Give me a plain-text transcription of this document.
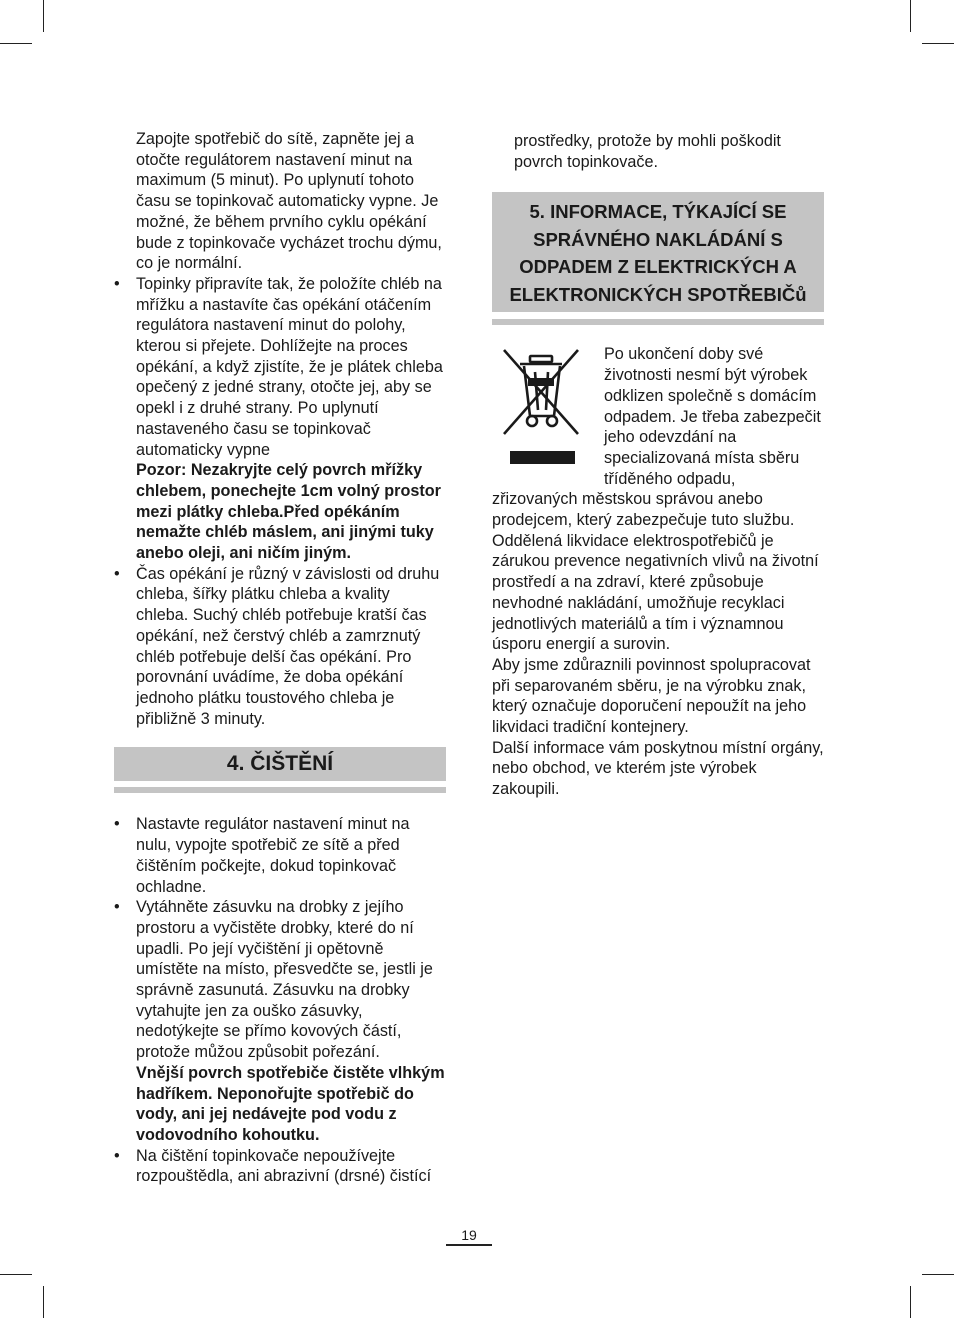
Zapojte spotřebič do sítě, zapněte jej a otočte regulátorem nastavení minut na maximum (5 minut). Po uplynutí tohoto času se topinkovač automaticky vypne. Je možné, že během prvního cyklu opékání bude z topinkovače vycházet trochu dýmu, co je normální.

• Topinky připravíte tak, že položíte chléb na mřížku a nastavíte čas opékání otáčením regulátora nastavení minut do polohy, kterou si přejete. Dohlížejte na proces opékání, a když zjistíte, že je plátek chleba opečený z jedné strany, otočte jej, aby se opekl i z druhé strany. Po uplynutí nastaveného času se topinkovač automaticky vypne
Pozor: Nezakryjte celý povrch mřížky chlebem, ponechejte 1cm volný prostor mezi plátky chleba.Před opékáním nemažte chléb máslem, ani jinými tuky anebo oleji, ani ničím jiným.
• Čas opékání je různý v závislosti od druhu chleba, šířky plátku chleba a kvality chleba. Suchý chléb potřebuje kratší čas opékání, než čerstvý chléb a zamrznutý chléb potřebuje delší čas opékání. Pro porovnání uvádíme, že doba opékání jednoho plátku toustového chleba je přibližně 3 minuty.
4. ČIŠTĚNÍ
• Nastavte regulátor nastavení minut na nulu, vypojte spotřebič ze sítě a před čištěním počkejte, dokud topinkovač ochladne.
• Vytáhněte zásuvku na drobky z jejího prostoru a vyčistěte drobky, které do ní upadli. Po její vyčištění ji opětovně umístěte na místo, přesvedčte se, jestli je správně zasunutá. Zásuvku na drobky vytahujte jen za ouško zásuvky, nedotýkejte se přímo kovových částí, protože můžou způsobit pořezání.
Vnější povrch spotřebiče čistěte vlhkým hadříkem. Neponořujte spotřebič do vody, ani jej nedávejte pod vodu z vodovodního kohoutku.
• Na čištění topinkovače nepoužívejte rozpouštědla, ani abrazivní (drsné) čistící

prostředky, protože by mohli poškodit povrch topinkovače.

5. INFORMACE, TÝKAJÍCÍ SE SPRÁVNÉHO NAKLÁDÁNÍ S ODPADEM Z ELEKTRICKÝCH A ELEKTRONICKÝCH SPOTŘEBIČů

Po ukončení doby své životnosti nesmí být výrobek odklizen společně s domácím odpadem. Je třeba zabezpečit jeho odevzdání na specializovaná místa sběru tříděného odpadu,

zřizovaných městskou správou anebo prodejcem, který zabezpečuje tuto službu. Oddělená likvidace elektrospotřebičů je zárukou prevence negativních vlivů na životní prostředí a na zdraví, které způsobuje nevhodné nakládání, umožňuje recyklaci jednotlivých materiálů a tím i významnou úsporu energií a surovin.

Aby jsme zdůraznili povinnost spolupracovat při separovaném sběru, je na výrobku znak, který označuje doporučení nepoužít na jeho likvidaci tradiční kontejnery.

Další informace vám poskytnou místní orgány, nebo obchod, ve kterém jste výrobek zakoupili.

19
